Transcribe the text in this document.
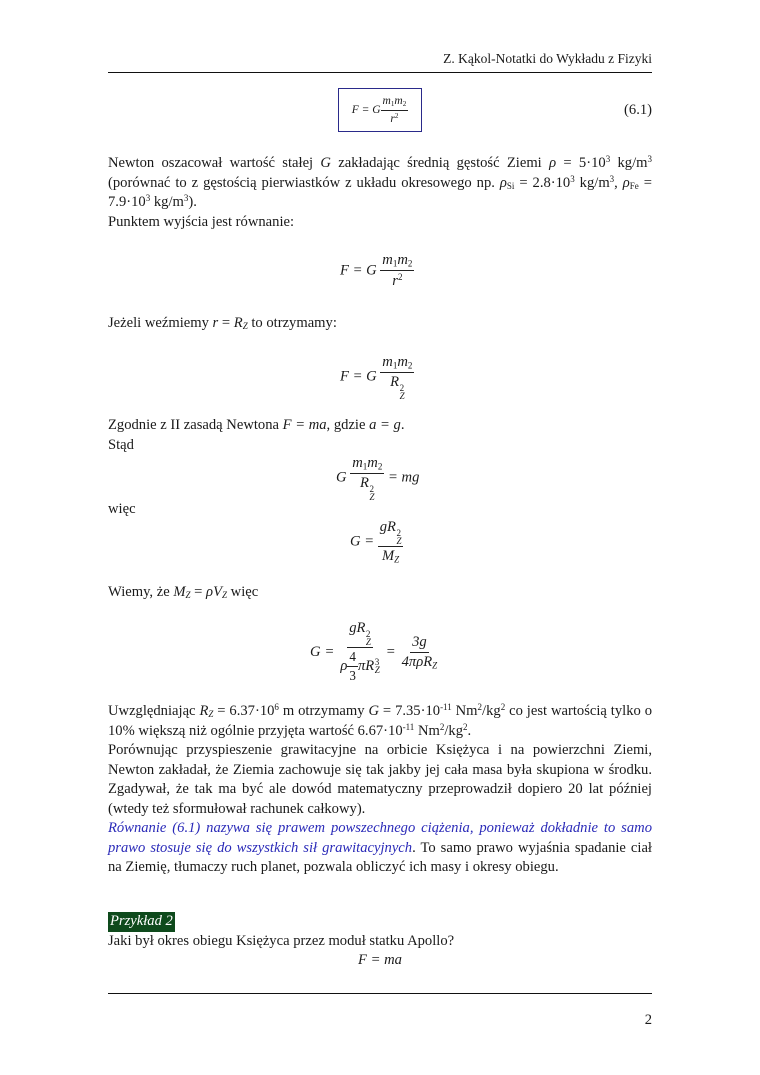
Z. Kąkol-Notatki do Wykładu z Fizyki
F
=
G $\frac{m1m2}{r^2}$	(6.1)

Newton oszacował wartość stałej G zakładając średnią gęstość Ziemi $\rho = 5\cdot 10^3$ $kg/m^3$ (porównać to z gęstością pierwiastków z układu okresowego np. $\rho_{Si} = 2.8\cdot 10^3$ $kg/m^3$, $\rho_{Fe} = 7.9\cdot 10^3$ $kg/m^3$).

Punktem wyjścia jest równanie:

F = G $\frac{m1m2}{r^2}$

Jeżeli weźmiemy $r = R_Z$ to otrzymamy:

F = G m1m2
R 2
Z

Zgodnie z II zasadą Newtona F = ma, gdzie a = g.

Stąd

G m1m2
R 2
Z = mg

więc

G = gR 2
Z
MZ

Wiemy, że $M_Z = \rho V_Z$ więc

G = gR 2
Z
ρ $\frac{4}{3}$ π R 3
$Z = \frac{3g}{\text{4πρRZ}}$

Uwzględniając $R_Z = 6.37\cdot 10^6$ m otrzymamy $G = 7.35\cdot 10^{-11}$ $Nm^2/kg^2$ co jest wartością tylko o 10% większą niż ogólnie przyjęta wartość $6.67\cdot 10^{-11}$ $Nm^2/kg^2$.

Porównując przyspieszenie grawitacyjne na orbicie Księżyca i na powierzchni Ziemi, Newton zakładał, że Ziemia zachowuje się tak jakby jej cała masa była skupiona w środku. Zgadywał, że tak ma być ale dowód matematyczny przeprowadził dopiero 20 lat później (wtedy też sformułował rachunek całkowy).

Równanie (6.1) nazywa się prawem powszechnego ciążenia, ponieważ dokładnie to samo prawo stosuje się do wszystkich sił grawitacyjnych. To samo prawo wyjaśnia spadanie ciał na Ziemię, tłumaczy ruch planet, pozwala obliczyć ich masy i okresy obiegu.

Przykład 2

Jaki był okres obiegu Księżyca przez moduł statku Apollo?

F = ma

2
